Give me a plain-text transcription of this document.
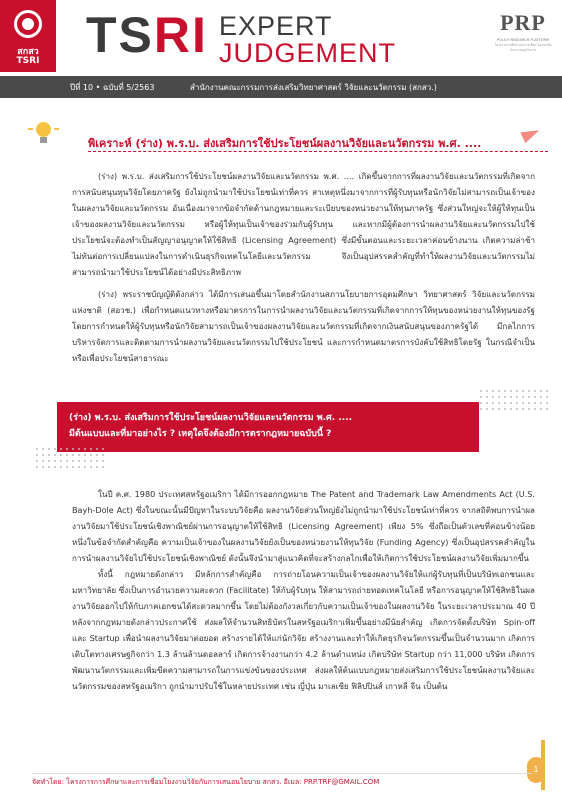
สกสว
TSRI TSRI EXPERT
JUDGEMENT
PRP
POLICY RESEARCH PLATFORM
โครงการการศึกษาและการเชื่อมโยงงานวิจัยกับการเสนอนโยบาย
ปีที่ 10 • ฉบับที่ 5/2563	สำนักงานคณะกรรมการส่งเสริมวิทยาศาสตร์ วิจัยและนวัตกรรม (สกสว.)
พิเคราะห์ (ร่าง) พ.ร.บ. ส่งเสริมการใช้ประโยชน์ผลงานวิจัยและนวัตกรรม พ.ศ. ....

(ร่าง) พ.ร.บ. ส่งเสริมการใช้ประโยชน์ผลงานวิจัยและนวัตกรรม พ.ศ. .... เกิดขึ้นจากการที่ผลงานวิจัยและนวัตกรรมที่เกิดจากการสนับสนุนทุนวิจัยโดยภาครัฐ ยังไม่ถูกนำมาใช้ประโยชน์เท่าที่ควร สาเหตุหนึ่งมาจากการที่ผู้รับทุนหรือนักวิจัยไม่สามารถเป็นเจ้าของในผลงานวิจัยและนวัตกรรม อันเนื่องมาจากข้อจำกัดด้านกฎหมายและระเบียบของหน่วยงานให้ทุนภาครัฐ ซึ่งส่วนใหญ่จะให้ผู้ให้ทุนเป็นเจ้าของผลงานวิจัยและนวัตกรรม หรือผู้ให้ทุนเป็นเจ้าของร่วมกับผู้รับทุน และหากมีผู้ต้องการนำผลงานวิจัยและนวัตกรรมไปใช้ประโยชน์จะต้องทำเป็นสัญญาอนุญาตให้ใช้สิทธิ (Licensing Agreement) ซึ่งมีขั้นตอนและระยะเวลาค่อนข้างนาน เกิดความล่าช้า ไม่ทันต่อการเปลี่ยนแปลงในการดำเนินธุรกิจเทคโนโลยีและนวัตกรรม จึงเป็นอุปสรรคสำคัญที่ทำให้ผลงานวิจัยและนวัตกรรมไม่สามารถนำมาใช้ประโยชน์ได้อย่างมีประสิทธิภาพ

(ร่าง) พระราชบัญญัติดังกล่าว ได้มีการเสนอขึ้นมาโดยสำนักงานสภานโยบายการอุดมศึกษา วิทยาศาสตร์ วิจัยและนวัตกรรมแห่งชาติ (สอวช.) เพื่อกำหนดแนวทางหรือมาตรการในการนำผลงานวิจัยและนวัตกรรมที่เกิดจากการให้ทุนของหน่วยงานให้ทุนของรัฐ โดยการกำหนดให้ผู้รับทุนหรือนักวิจัยสามารถเป็นเจ้าของผลงานวิจัยและนวัตกรรมที่เกิดจากเงินสนับสนุนของภาครัฐได้ มีกลไกการบริหารจัดการและติดตามการนำผลงานวิจัยและนวัตกรรมไปใช้ประโยชน์ และการกำหนดมาตรการบังคับใช้สิทธิโดยรัฐ ในกรณีจำเป็นหรือเพื่อประโยชน์สาธารณะ

(ร่าง) พ.ร.บ. ส่งเสริมการใช้ประโยชน์ผลงานวิจัยและนวัตกรรม พ.ศ. ....
มีต้นแบบและที่มาอย่างไร ? เหตุใดจึงต้องมีการตรากฎหมายฉบับนี้ ?

ในปี ค.ศ. 1980 ประเทศสหรัฐอเมริกา ได้มีการออกกฎหมาย The Patent and Trademark Law Amendments Act (U.S. Bayh-Dole Act) ซึ่งในขณะนั้นมีปัญหาในระบบวิจัยคือ ผลงานวิจัยส่วนใหญ่ยังไม่ถูกนำมาใช้ประโยชน์เท่าที่ควร จากสถิติพบการนำผลงานวิจัยมาใช้ประโยชน์เชิงพาณิชย์ผ่านการอนุญาตให้ใช้สิทธิ (Licensing Agreement) เพียง 5% ซึ่งถือเป็นตัวเลขที่ค่อนข้างน้อย หนึ่งในข้อจำกัดสำคัญคือ ความเป็นเจ้าของในผลงานวิจัยยังเป็นของหน่วยงานให้ทุนวิจัย (Funding Agency) ซึ่งเป็นอุปสรรคสำคัญในการนำผลงานวิจัยไปใช้ประโยชน์เชิงพาณิชย์ ดังนั้นจึงนำมาสู่แนวคิดที่จะสร้างกลไกเพื่อให้เกิดการใช้ประโยชน์ผลงานวิจัยเพิ่มมากขึ้น

ทั้งนี้ กฎหมายดังกล่าว มีหลักการสำคัญคือ การถ่ายโอนความเป็นเจ้าของผลงานวิจัยให้แก่ผู้รับทุนที่เป็นบริษัทเอกชนและมหาวิทยาลัย ซึ่งเป็นการอำนวยความสะดวก (Facilitate) ให้กับผู้รับทุน ให้สามารถถ่ายทอดเทคโนโลยี หรือการอนุญาตให้ใช้สิทธิในผลงานวิจัยออกไปให้กับภาคเอกชนได้สะดวลมากขึ้น โดยไม่ต้องกังวลเกี่ยวกับความเป็นเจ้าของในผลงานวิจัย ในระยะเวลาประมาณ 40 ปีหลังจากกฎหมายดังกล่าวประกาศใช้ ส่งผลให้จำนวนสิทธิบัตรในสหรัฐอเมริกาเพิ่มขึ้นอย่างมีนัยสำคัญ เกิดการจัดตั้งบริษัท Spin-off และ Startup เพื่อนำผลงานวิจัยมาต่อยอด สร้างรายได้ให้แก่นักวิจัย สร้างงานและทำให้เกิดธุรกิจนวัตกรรมขึ้นเป็นจำนวนมาก เกิดการเติบโตทางเศรษฐกิจกว่า 1.3 ล้านล้านดอลลาร์ เกิดการจ้างงานกว่า 4.2 ล้านตำแหน่ง เกิดบริษัท Startup กว่า 11,000 บริษัท เกิดการพัฒนานวัตกรรมและเพิ่มขีดความสามารถในการแข่งขันของประเทศ ส่งผลให้ต้นแบบกฎหมายส่งเสริมการใช้ประโยชน์ผลงานวิจัยและนวัตกรรมของสหรัฐอเมริกา ถูกนำมาปรับใช้ในหลายประเทศ เช่น ญี่ปุ่น มาเลเซีย ฟิลิปปินส์ เกาหลี จีน เป็นต้น

1
จัดทำโดย: โครงการการศึกษาและการเชื่อมโยงงานวิจัยกับการเสนอนโยบาย สกสว. อีเมล: PRP.TRF@GMAIL.COM
